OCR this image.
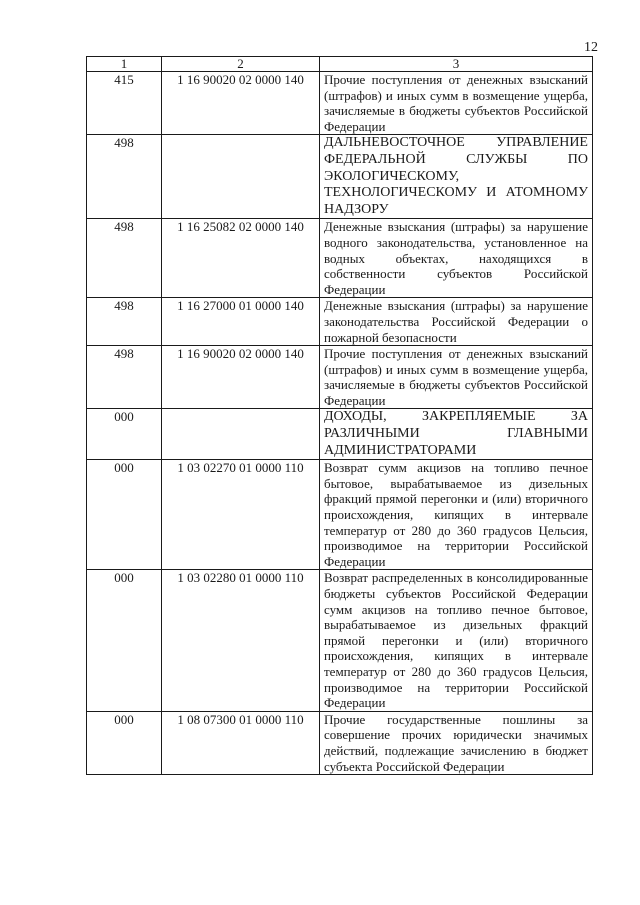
12
1	2	3
415	1 16 90020 02 0000 140	Прочие поступления от денежных взысканий (штрафов) и иных сумм в возмещение ущерба, зачисляемые в бюджеты субъектов Российской Федерации
498		ДАЛЬНЕВОСТОЧНОЕ УПРАВЛЕНИЕ ФЕДЕРАЛЬНОЙ СЛУЖБЫ ПО ЭКОЛОГИЧЕСКОМУ, ТЕХНОЛОГИЧЕСКОМУ И АТОМНОМУ НАДЗОРУ
498	1 16 25082 02 0000 140	Денежные взыскания (штрафы) за нарушение водного законодательства, установленное на водных объектах, находящихся в собственности субъектов Российской Федерации
498	1 16 27000 01 0000 140	Денежные взыскания (штрафы) за нарушение законодательства Российской Федерации о пожарной безопасности
498	1 16 90020 02 0000 140	Прочие поступления от денежных взысканий (штрафов) и иных сумм в возмещение ущерба, зачисляемые в бюджеты субъектов Российской Федерации
000		ДОХОДЫ, ЗАКРЕПЛЯЕМЫЕ ЗА РАЗЛИЧНЫМИ ГЛАВНЫМИ АДМИНИСТРАТОРАМИ
000	1 03 02270 01 0000 110	Возврат сумм акцизов на топливо печное бытовое, вырабатываемое из дизельных фракций прямой перегонки и (или) вторичного происхождения, кипящих в интервале температур от 280 до 360 градусов Цельсия, производимое на территории Российской Федерации
000	1 03 02280 01 0000 110	Возврат распределенных в консолидированные бюджеты субъектов Российской Федерации сумм акцизов на топливо печное бытовое, вырабатываемое из дизельных фракций прямой перегонки и (или) вторичного происхождения, кипящих в интервале температур от 280 до 360 градусов Цельсия, производимое на территории Российской Федерации
000	1 08 07300 01 0000 110	Прочие государственные пошлины за совершение прочих юридически значимых действий, подлежащие зачислению в бюджет субъекта Российской Федерации
